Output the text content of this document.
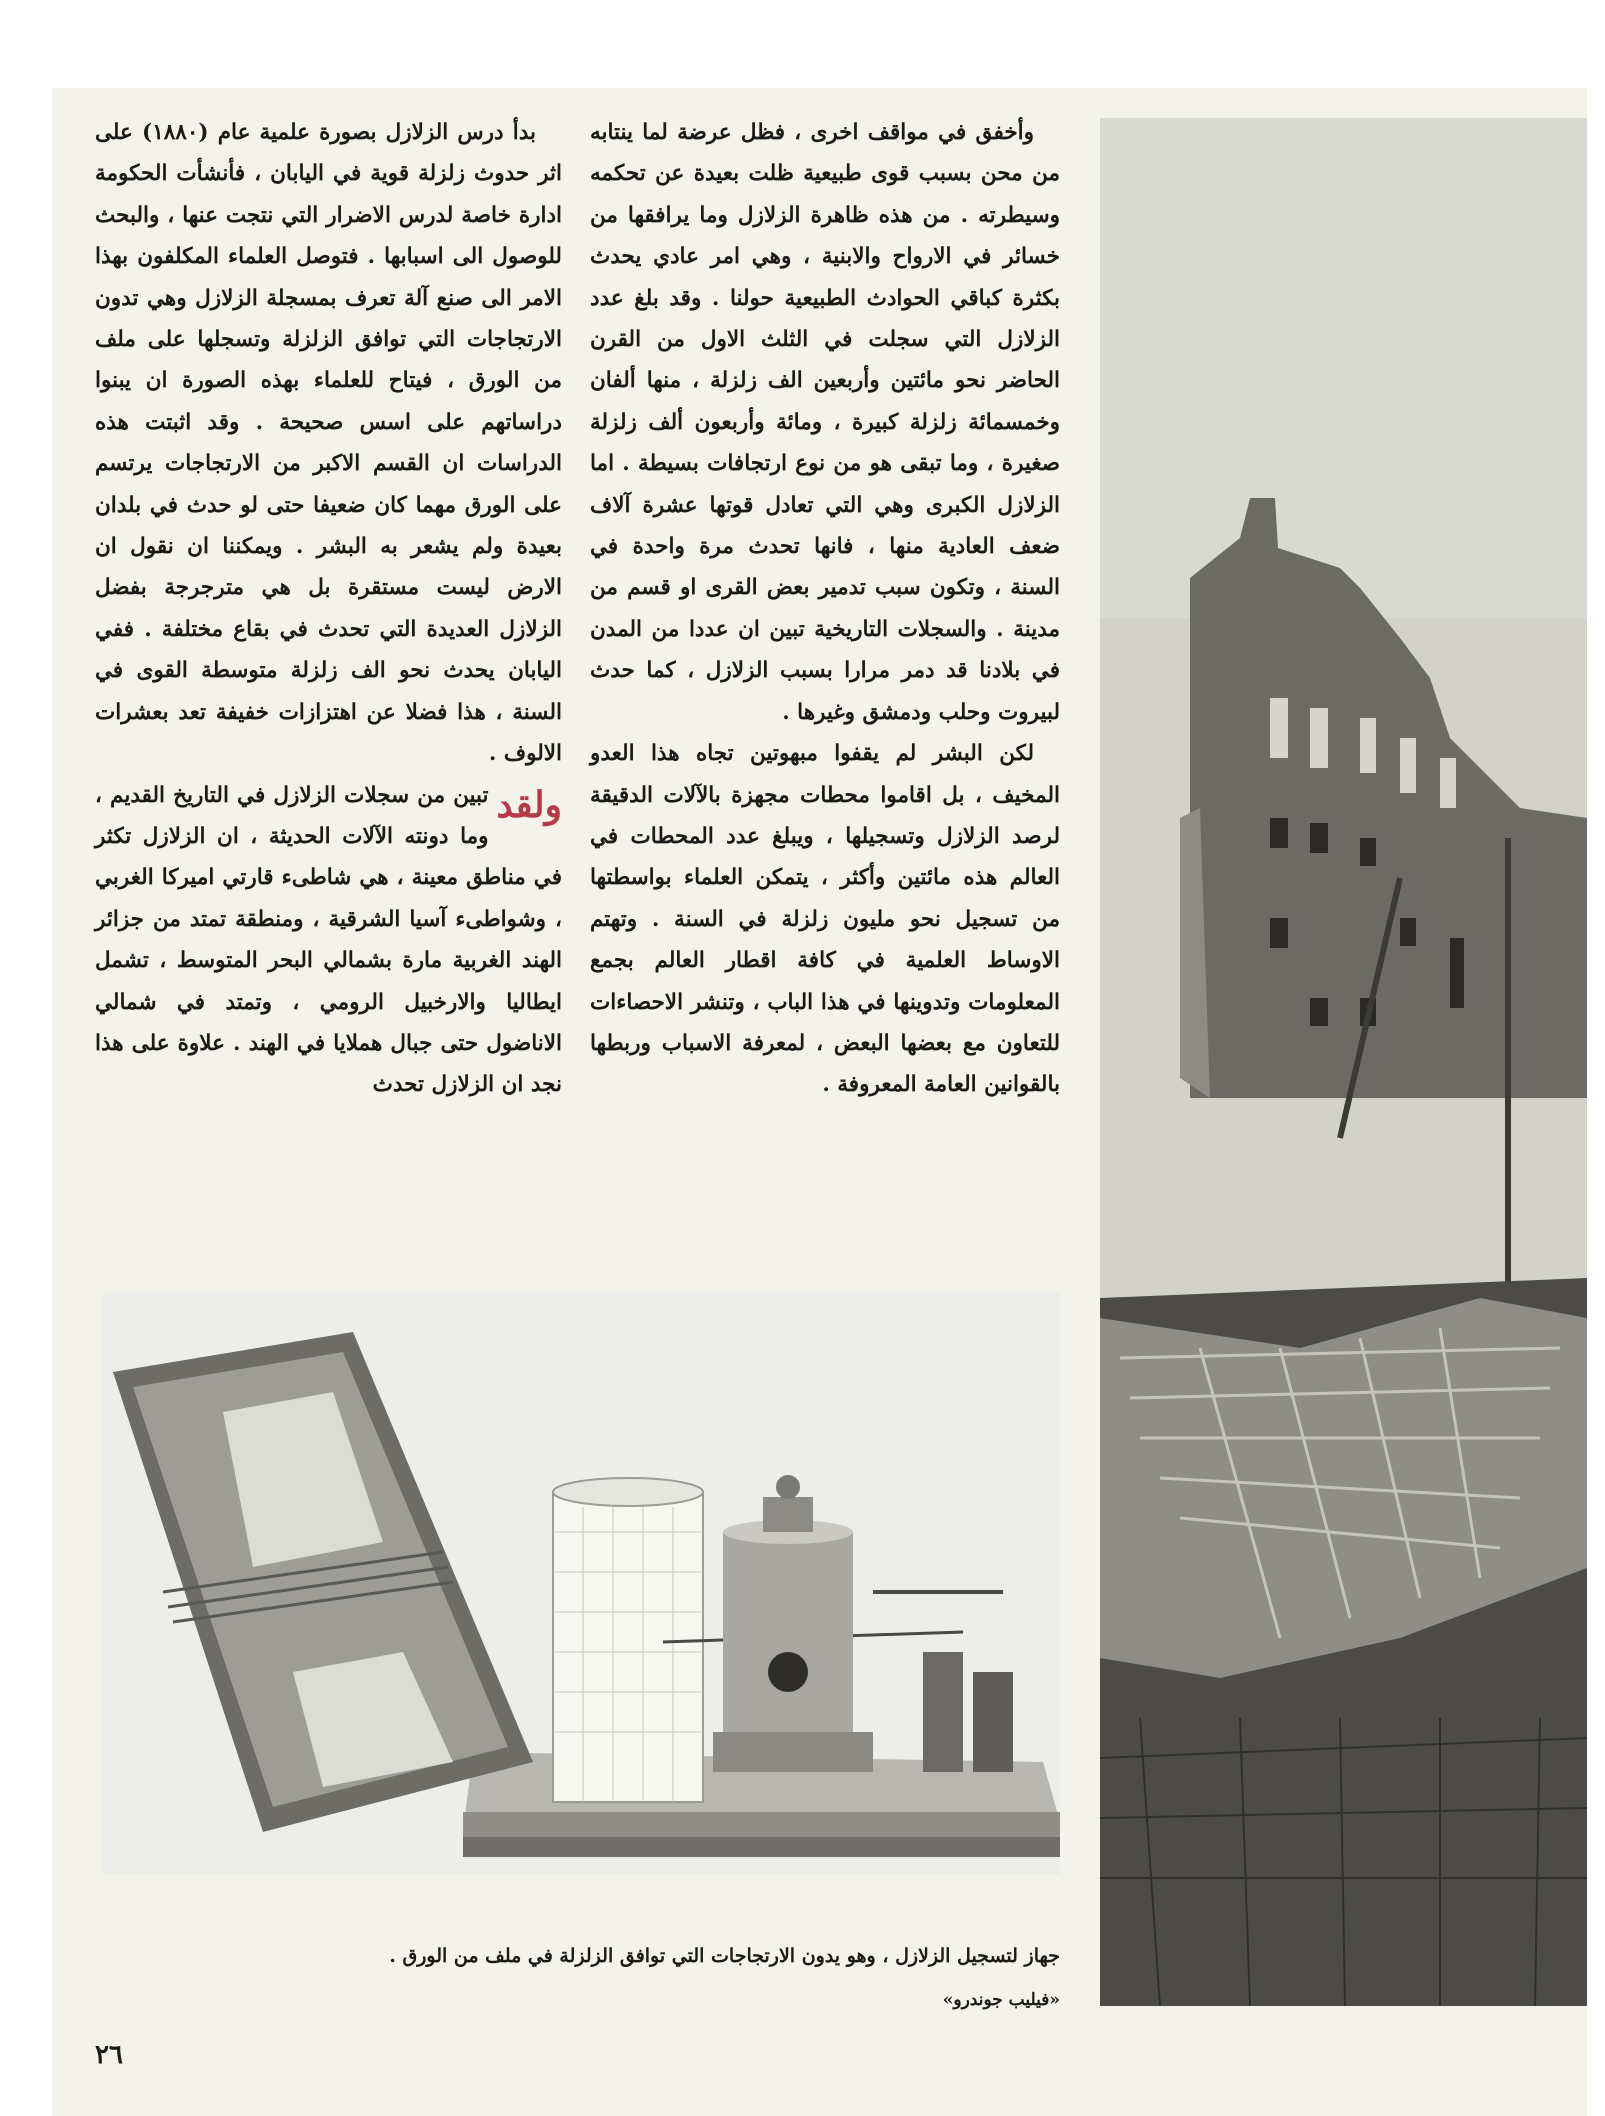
وأخفق في مواقف اخرى ، فظل عرضة لما ينتابه من محن بسبب قوى طبيعية ظلت بعيدة عن تحكمه وسيطرته . من هذه ظاهرة الزلازل وما يرافقها من خسائر في الارواح والابنية ، وهي امر عادي يحدث بكثرة كباقي الحوادث الطبيعية حولنا . وقد بلغ عدد الزلازل التي سجلت في الثلث الاول من القرن الحاضر نحو مائتين وأربعين الف زلزلة ، منها ألفان وخمسمائة زلزلة كبيرة ، ومائة وأربعون ألف زلزلة صغيرة ، وما تبقى هو من نوع ارتجافات بسيطة . اما الزلازل الكبرى وهي التي تعادل قوتها عشرة آلاف ضعف العادية منها ، فانها تحدث مرة واحدة في السنة ، وتكون سبب تدمير بعض القرى او قسم من مدينة . والسجلات التاريخية تبين ان عددا من المدن في بلادنا قد دمر مرارا بسبب الزلازل ، كما حدث لبيروت وحلب ودمشق وغيرها .

لكن البشر لم يقفوا مبهوتين تجاه هذا العدو المخيف ، بل اقاموا محطات مجهزة بالآلات الدقيقة لرصد الزلازل وتسجيلها ، ويبلغ عدد المحطات في العالم هذه مائتين وأكثر ، يتمكن العلماء بواسطتها من تسجيل نحو مليون زلزلة في السنة . وتهتم الاوساط العلمية في كافة اقطار العالم بجمع المعلومات وتدوينها في هذا الباب ، وتنشر الاحصاءات للتعاون مع بعضها البعض ، لمعرفة الاسباب وربطها بالقوانين العامة المعروفة .

بدأ درس الزلازل بصورة علمية عام (١٨٨٠) على اثر حدوث زلزلة قوية في اليابان ، فأنشأت الحكومة ادارة خاصة لدرس الاضرار التي نتجت عنها ، والبحث للوصول الى اسبابها . فتوصل العلماء المكلفون بهذا الامر الى صنع آلة تعرف بمسجلة الزلازل وهي تدون الارتجاجات التي توافق الزلزلة وتسجلها على ملف من الورق ، فيتاح للعلماء بهذه الصورة ان يبنوا دراساتهم على اسس صحيحة . وقد اثبتت هذه الدراسات ان القسم الاكبر من الارتجاجات يرتسم على الورق مهما كان ضعيفا حتى لو حدث في بلدان بعيدة ولم يشعر به البشر . ويمكننا ان نقول ان الارض ليست مستقرة بل هي مترجرجة بفضل الزلازل العديدة التي تحدث في بقاع مختلفة . ففي اليابان يحدث نحو الف زلزلة متوسطة القوى في السنة ، هذا فضلا عن اهتزازات خفيفة تعد بعشرات الالوف .

ولقد
تبين من سجلات الزلازل في التاريخ القديم ، وما دونته الآلات الحديثة ، ان الزلازل تكثر في مناطق معينة ، هي شاطىء قارتي اميركا الغربي ، وشواطىء آسيا الشرقية ، ومنطقة تمتد من جزائر الهند الغربية مارة بشمالي البحر المتوسط ، تشمل ايطاليا والارخبيل الرومي ، وتمتد في شمالي الاناضول حتى جبال هملايا في الهند . علاوة على هذا نجد ان الزلازل تحدث

جهاز لتسجيل الزلازل ، وهو يدون الارتجاجات التي توافق الزلزلة في ملف من الورق .
«فيليب جوندرو»
٢٦
